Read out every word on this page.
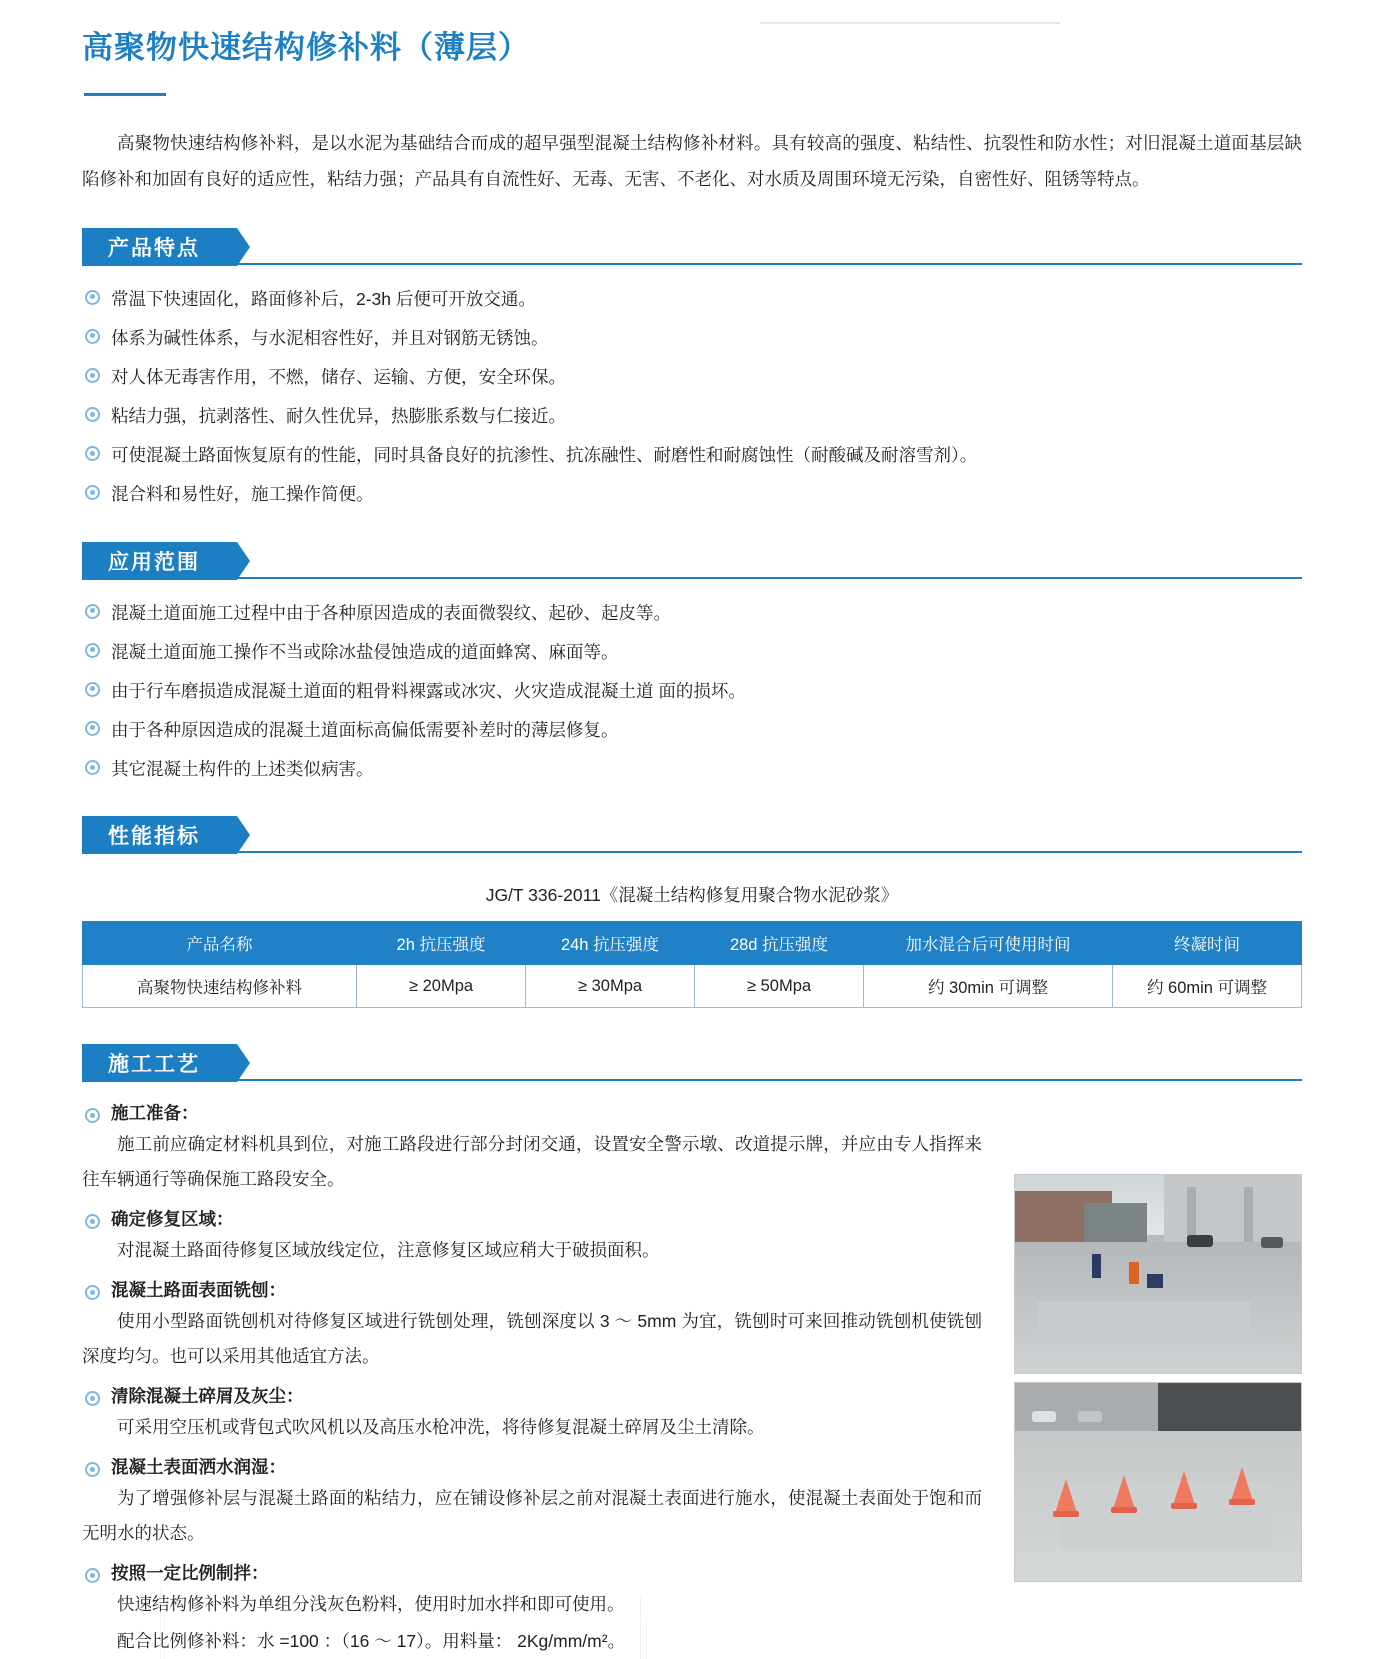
高聚物快速结构修补料（薄层）

高聚物快速结构修补料，是以水泥为基础结合而成的超早强型混凝土结构修补材料。具有较高的强度、粘结性、抗裂性和防水性；对旧混凝土道面基层缺陷修补和加固有良好的适应性，粘结力强；产品具有自流性好、无毒、无害、不老化、对水质及周围环境无污染，自密性好、阻锈等特点。

产品特点
常温下快速固化，路面修补后，2-3h 后便可开放交通。
体系为碱性体系，与水泥相容性好，并且对钢筋无锈蚀。
对人体无毒害作用，不燃，储存、运输、方便，安全环保。
粘结力强，抗剥落性、耐久性优异，热膨胀系数与仁接近。
可使混凝土路面恢复原有的性能，同时具备良好的抗渗性、抗冻融性、耐磨性和耐腐蚀性（耐酸碱及耐溶雪剂）。
混合料和易性好，施工操作简便。
应用范围
混凝土道面施工过程中由于各种原因造成的表面微裂纹、起砂、起皮等。
混凝土道面施工操作不当或除冰盐侵蚀造成的道面蜂窝、麻面等。
由于行车磨损造成混凝土道面的粗骨料裸露或冰灾、火灾造成混凝土道 面的损坏。
由于各种原因造成的混凝土道面标高偏低需要补差时的薄层修复。
其它混凝土构件的上述类似病害。
性能指标
JG/T 336-2011《混凝土结构修复用聚合物水泥砂浆》
产品名称	2h 抗压强度	24h 抗压强度	28d 抗压强度	加水混合后可使用时间	终凝时间
高聚物快速结构修补料	≥ 20Mpa	≥ 30Mpa	≥ 50Mpa	约 30min 可调整	约 60min 可调整
施工工艺
施工准备：
施工前应确定材料机具到位，对施工路段进行部分封闭交通，设置安全警示墩、改道提示牌，并应由专人指挥来往车辆通行等确保施工路段安全。
确定修复区域：
对混凝土路面待修复区域放线定位，注意修复区域应稍大于破损面积。
混凝土路面表面铣刨：
使用小型路面铣刨机对待修复区域进行铣刨处理，铣刨深度以 3 〜 5mm 为宜，铣刨时可来回推动铣刨机使铣刨深度均匀。也可以采用其他适宜方法。
清除混凝土碎屑及灰尘：
可采用空压机或背包式吹风机以及高压水枪冲洗，将待修复混凝土碎屑及尘土清除。
混凝土表面洒水润湿：
为了增强修补层与混凝土路面的粘结力，应在铺设修补层之前对混凝土表面进行施水，使混凝土表面处于饱和而无明水的状态。
按照一定比例制拌：
快速结构修补料为单组分浅灰色粉料，使用时加水拌和即可使用。
配合比例修补料：水 =100 ：（16 〜 17）。用料量： 2Kg/mm/m²。
